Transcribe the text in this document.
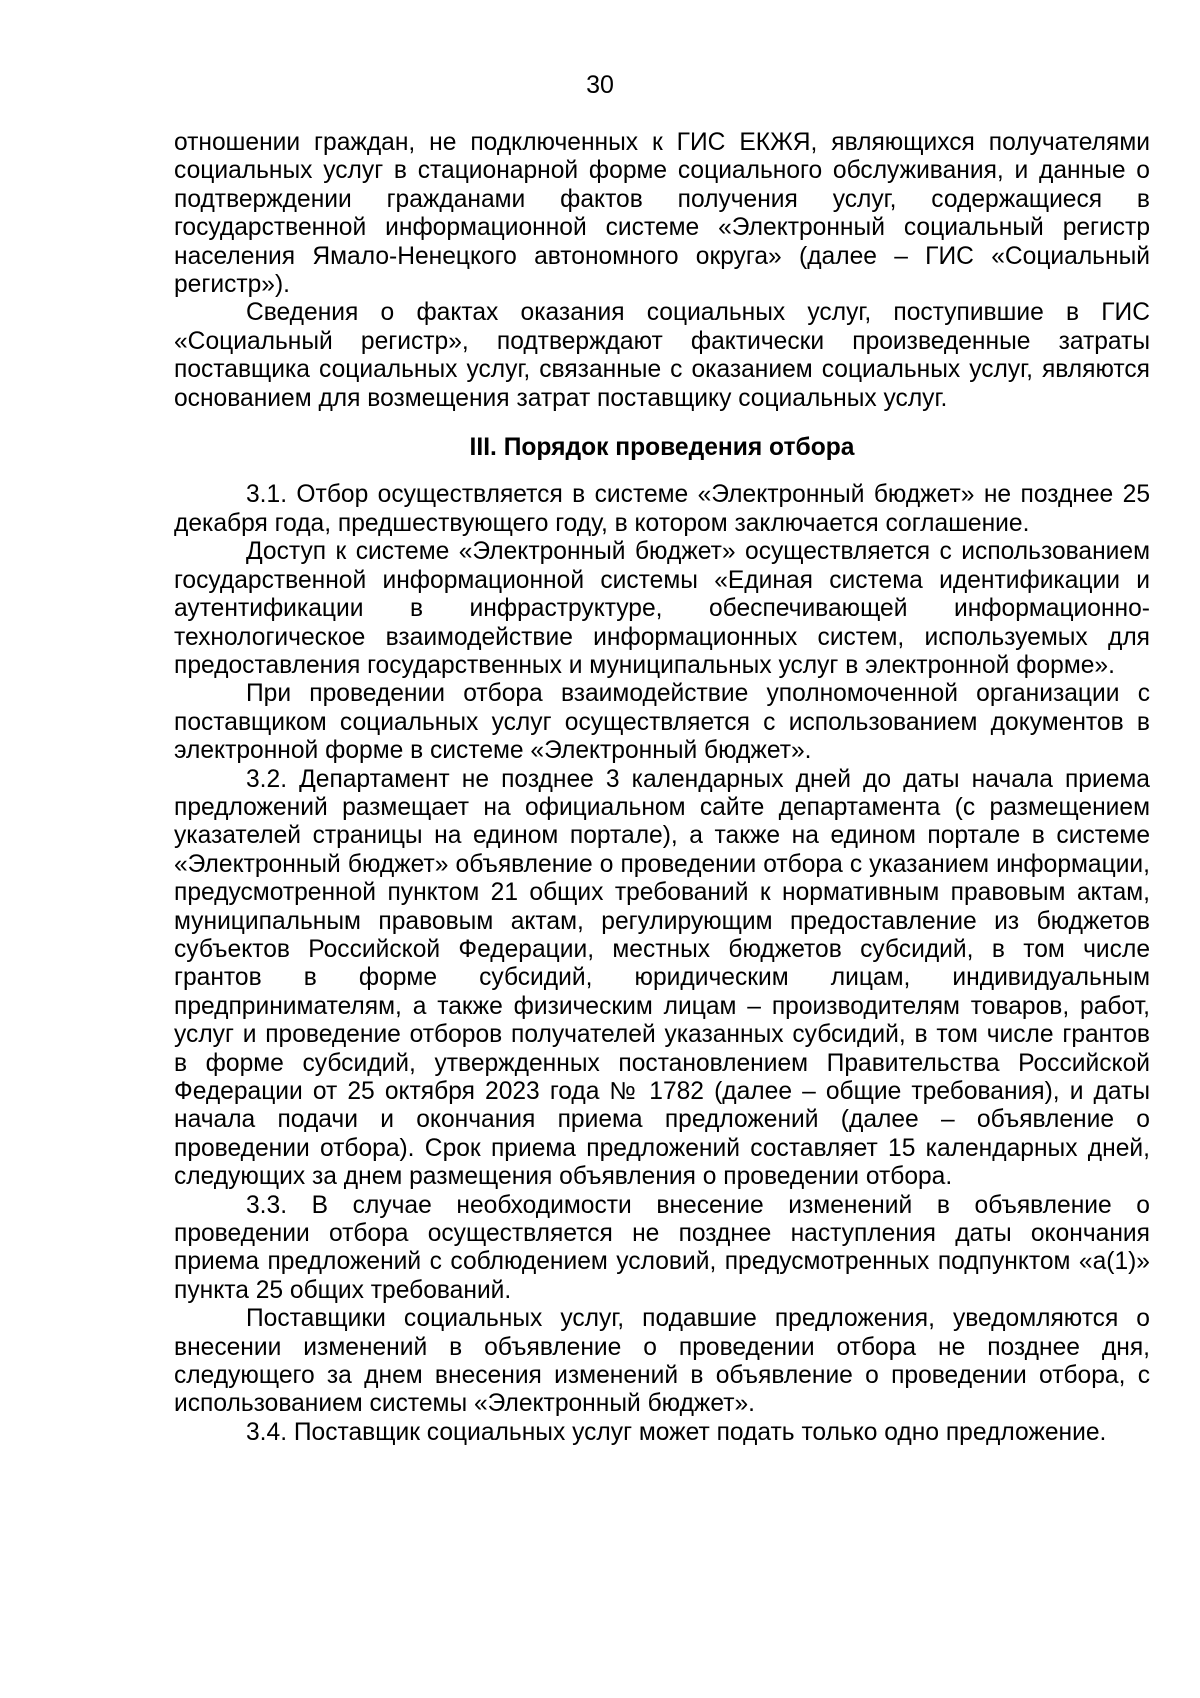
30

отношении граждан, не подключенных к ГИС ЕКЖЯ, являющихся получателями социальных услуг в стационарной форме социального обслуживания, и данные о подтверждении гражданами фактов получения услуг, содержащиеся в государственной информационной системе «Электронный социальный регистр населения Ямало-Ненецкого автономного округа» (далее – ГИС «Социальный регистр»).

Сведения о фактах оказания социальных услуг, поступившие в ГИС «Социальный регистр», подтверждают фактически произведенные затраты поставщика социальных услуг, связанные с оказанием социальных услуг, являются основанием для возмещения затрат поставщику социальных услуг.

III. Порядок проведения отбора

3.1. Отбор осуществляется в системе «Электронный бюджет» не позднее 25 декабря года, предшествующего году, в котором заключается соглашение.

Доступ к системе «Электронный бюджет» осуществляется с использованием государственной информационной системы «Единая система идентификации и аутентификации в инфраструктуре, обеспечивающей информационно-технологическое взаимодействие информационных систем, используемых для предоставления государственных и муниципальных услуг в электронной форме».

При проведении отбора взаимодействие уполномоченной организации с поставщиком социальных услуг осуществляется с использованием документов в электронной форме в системе «Электронный бюджет».

3.2. Департамент не позднее 3 календарных дней до даты начала приема предложений размещает на официальном сайте департамента (с размещением указателей страницы на едином портале), а также на едином портале в системе «Электронный бюджет» объявление о проведении отбора с указанием информации, предусмотренной пунктом 21 общих требований к нормативным правовым актам, муниципальным правовым актам, регулирующим предоставление из бюджетов субъектов Российской Федерации, местных бюджетов субсидий, в том числе грантов в форме субсидий, юридическим лицам, индивидуальным предпринимателям, а также физическим лицам – производителям товаров, работ, услуг и проведение отборов получателей указанных субсидий, в том числе грантов в форме субсидий, утвержденных постановлением Правительства Российской Федерации от 25 октября 2023 года № 1782 (далее – общие требования), и даты начала подачи и окончания приема предложений (далее – объявление о проведении отбора). Срок приема предложений составляет 15 календарных дней, следующих за днем размещения объявления о проведении отбора.

3.3. В случае необходимости внесение изменений в объявление о проведении отбора осуществляется не позднее наступления даты окончания приема предложений с соблюдением условий, предусмотренных подпунктом «а(1)» пункта 25 общих требований.

Поставщики социальных услуг, подавшие предложения, уведомляются о внесении изменений в объявление о проведении отбора не позднее дня, следующего за днем внесения изменений в объявление о проведении отбора, с использованием системы «Электронный бюджет».

3.4. Поставщик социальных услуг может подать только одно предложение.
